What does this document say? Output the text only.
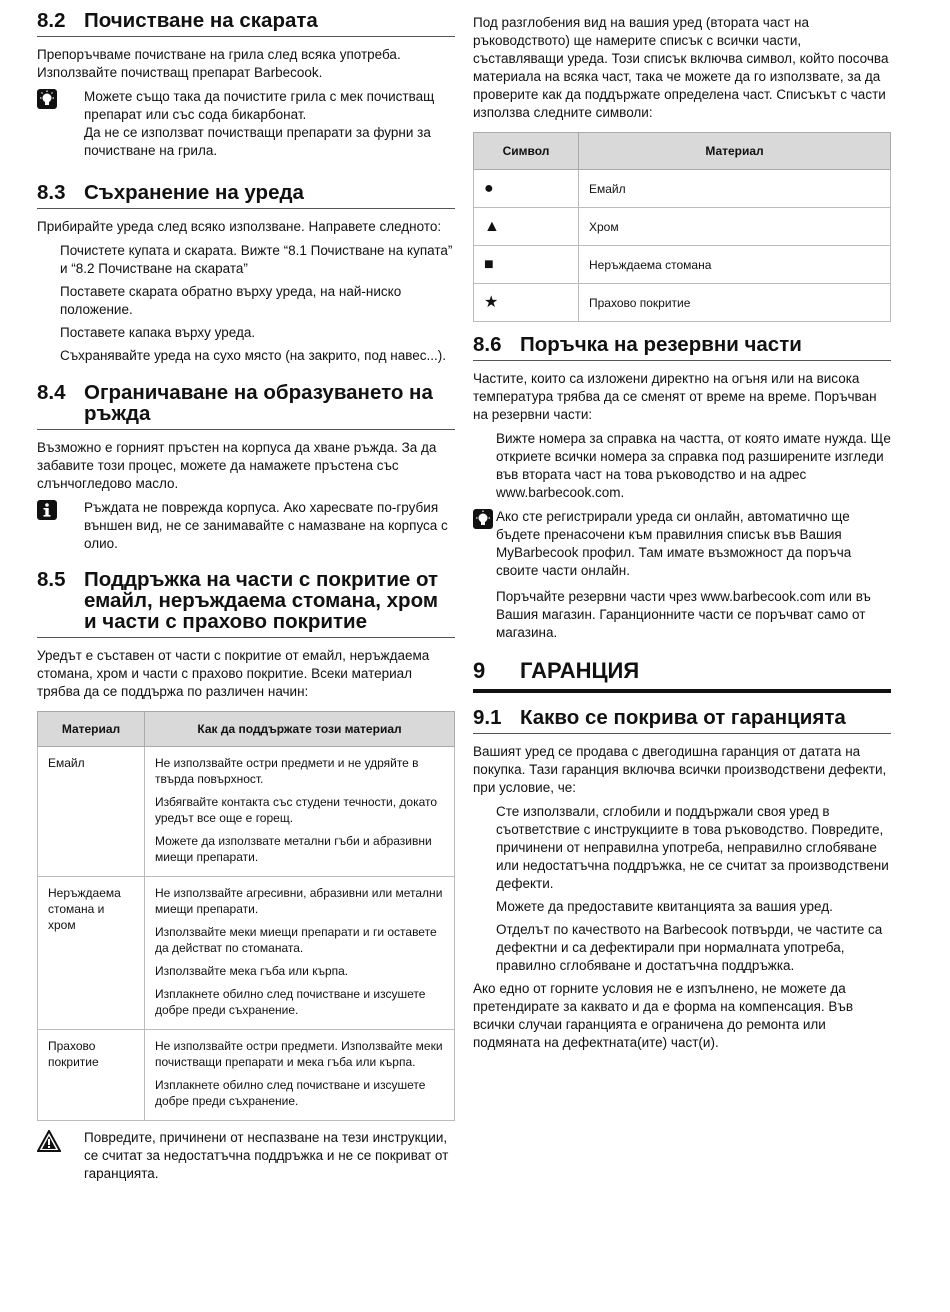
8.2 Почистване на скарата

Препоръчваме почистване на грила след всяка употреба. Използвайте почистващ препарат Barbecook.

Можете също така да почистите грила с мек почистващ препарат или със сода бикарбонат.

Да не се използват почистващи препарати за фурни за почистване на грила.

8.3 Съхранение на уреда

Прибирайте уреда след всяко използване. Направете следното:

Почистете купата и скарата. Вижте “8.1 Почистване на купата” и “8.2 Почистване на скарата”

Поставете скарата обратно върху уреда, на най-ниско положение.

Поставете капака върху уреда.

Съхранявайте уреда на сухо място (на закрито, под навес...).

8.4 Ограничаване на образуването на ръжда

Възможно е горният пръстен на корпуса да хване ръжда. За да забавите този процес, можете да намажете пръстена със слънчогледово масло.

Ръждата не поврежда корпуса. Ако харесвате по-грубия външен вид, не се занимавайте с намазване на корпуса с олио.

8.5 Поддръжка на части с покритие от емайл, неръждаема стомана, хром и части с прахово покритие

Уредът е съставен от части с покритие от емайл, неръждаема стомана, хром и части с прахово покритие. Всеки материал трябва да се поддържа по различен начин:

Материал	Как да поддържате този материал
Емайл	Не използвайте остри предмети и не удряйте в твърда повърхност.

Избягвайте контакта със студени течности, докато уредът все още е горещ.

Можете да използвате метални гъби и абразивни миещи препарати.

Неръждаема стомана и хром	Не използвайте агресивни, абразивни или метални миещи препарати.

Използвайте меки миещи препарати и ги оставете да действат по стоманата.

Използвайте мека гъба или кърпа.

Изплакнете обилно след почистване и изсушете добре преди съхранение.

Прахово покритие	Не използвайте остри предмети. Използвайте меки почистващи препарати и мека гъба или кърпа.

Изплакнете обилно след почистване и изсушете добре преди съхранение.

Повредите, причинени от неспазване на тези инструкции, се считат за недостатъчна поддръжка и не се покриват от гаранцията.

Под разглобения вид на вашия уред (втората част на ръководството) ще намерите списък с всички части, съставляващи уреда. Този списък включва символ, който посочва материала на всяка част, така че можете да го използвате, за да проверите как да поддържате определена част. Списъкът с части използва следните символи:

Символ	Материал
●	Емайл
▲	Хром
■	Неръждаема стомана
★	Прахово покритие
8.6 Поръчка на резервни части

Частите, които са изложени директно на огъня или на висока температура трябва да се сменят от време на време. Поръчван на резервни части:

Вижте номера за справка на частта, от която имате нужда. Ще откриете всички номера за справка под разширените изгледи във втората част на това ръководство и на адрес www.barbecook.com.

Ако сте регистрирали уреда си онлайн, автоматично ще бъдете пренасочени към правилния списък във Вашия MyBarbecook профил. Там имате възможност да поръча своите части онлайн.

Поръчайте резервни части чрез www.barbecook.com или въ Вашия магазин. Гаранционните части се поръчват само от магазина.

9	ГАРАНЦИЯ
9.1 Какво се покрива от гаранцията

Вашият уред се продава с двегодишна гаранция от датата на покупка. Тази гаранция включва всички производствени дефекти, при условие, че:

Сте използвали, сглобили и поддържали своя уред в съответствие с инструкциите в това ръководство. Повредите, причинени от неправилна употреба, неправилно сглобяване или недостатъчна поддръжка, не се считат за производствени дефекти.

Можете да предоставите квитанцията за вашия уред.

Отделът по качеството на Barbecook потвърди, че частите са дефектни и са дефектирали при нормалната употреба, правилно сглобяване и достатъчна поддръжка.

Ако едно от горните условия не е изпълнено, не можете да претендирате за каквато и да е форма на компенсация. Във всички случаи гаранцията е ограничена до ремонта или подмяната на дефектната(ите) част(и).
